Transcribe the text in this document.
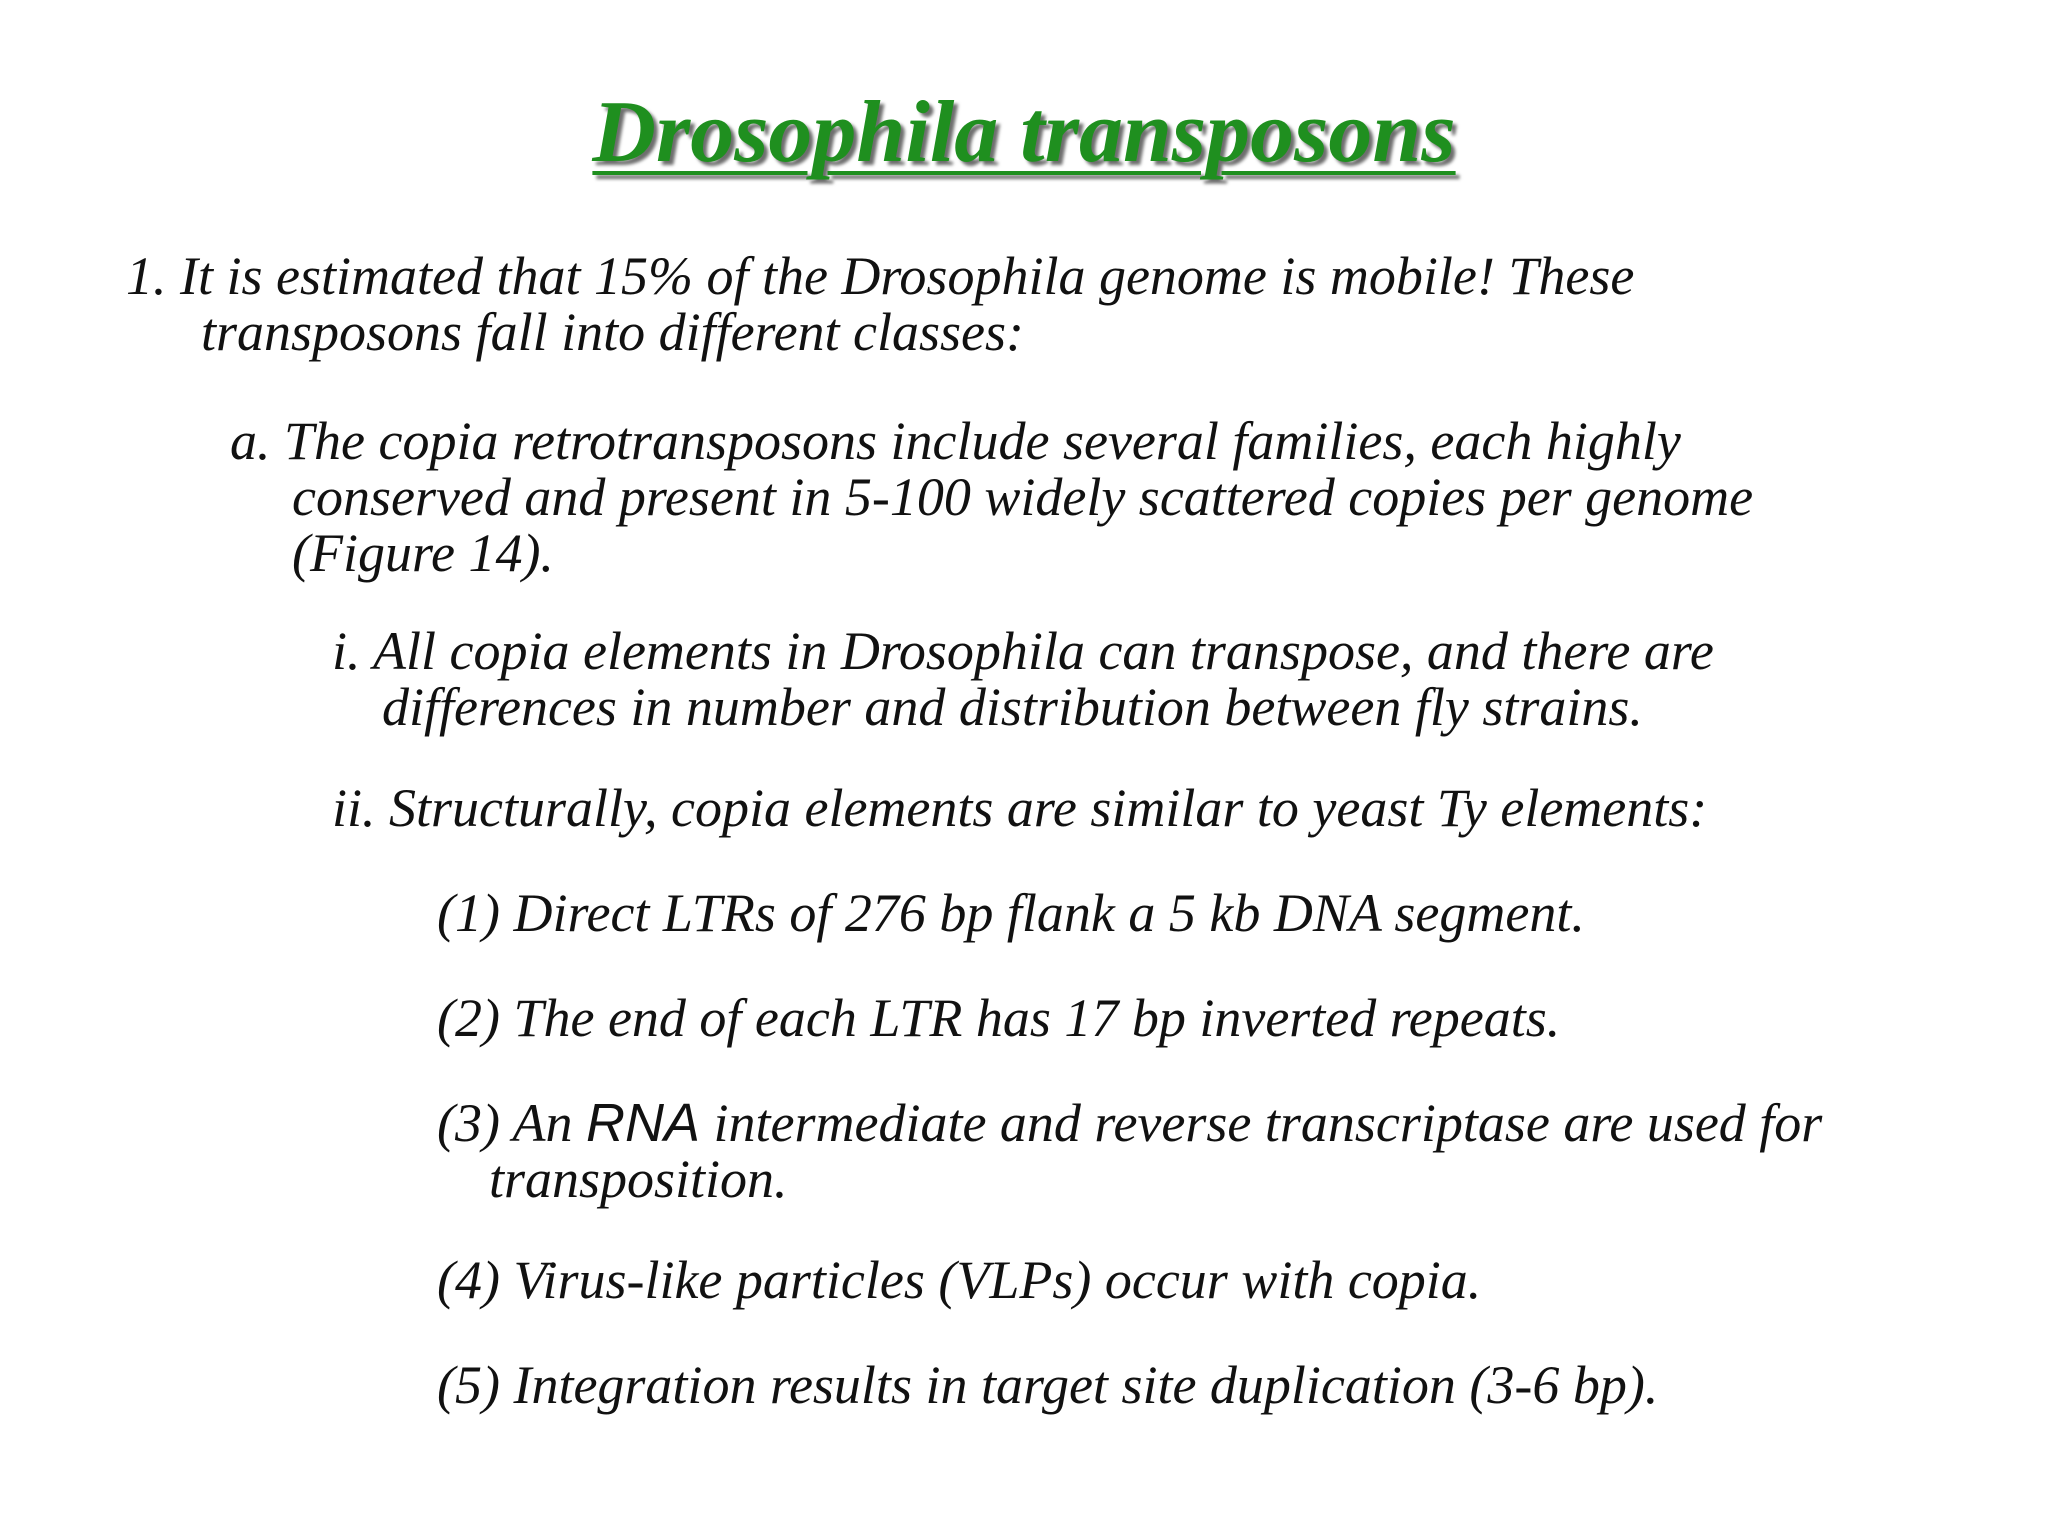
Drosophila transposons

1. It is estimated that 15% of the Drosophila genome is mobile! These
transposons fall into different classes:

a. The copia retrotransposons include several families, each highly
conserved and present in 5-100 widely scattered copies per genome
(Figure 14).

i. All copia elements in Drosophila can transpose, and there are
differences in number and distribution between fly strains.

ii. Structurally, copia elements are similar to yeast Ty elements:

(1) Direct LTRs of 276 bp flank a 5 kb DNA segment.

(2) The end of each LTR has 17 bp inverted repeats.

(3) An RNA intermediate and reverse transcriptase are used for
transposition.

(4) Virus-like particles (VLPs) occur with copia.

(5) Integration results in target site duplication (3-6 bp).
